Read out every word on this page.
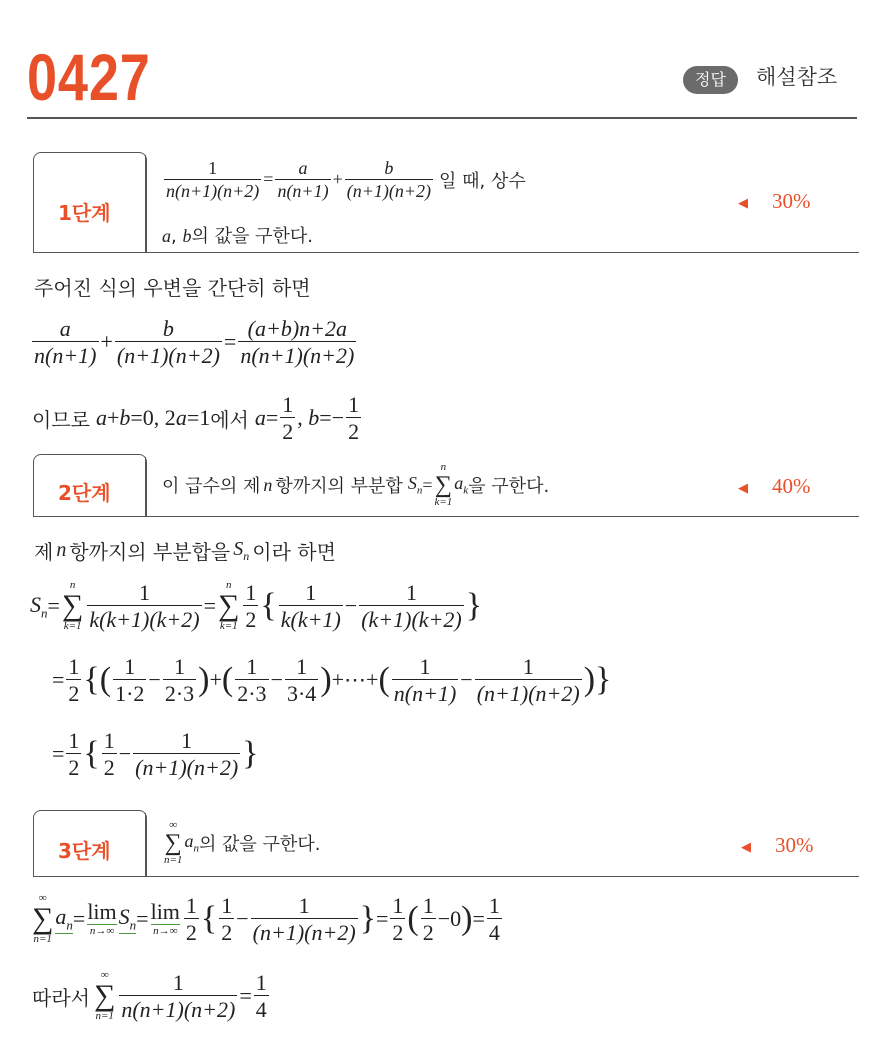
0427	정답	해설참조
1단계
$\frac{1}{n(n+1)(n+2)} = \frac{a}{n(n+1)} + \frac{b}{(n+1)(n+2)}$ 일 때, 상수
a, b의 값을 구한다.
◀ 30%
주어진 식의 우변을 간단히 하면
$\frac{a}{n(n+1)} + \frac{b}{(n+1)(n+2)} = \frac{(a+b)n+2a}{n(n+1)(n+2)}$
이므로 a + b =0, 2 a =1 에서 $a = \frac{1}{2}$ , $b =- \frac{1}{2}$
2단계	이 급수의 제 n 항까지의 부분합 $S_n$ =
n
∑
k=1
$a_k$ 을 구한다.	◀ 40%
제 n 항까지의 부분합을 $S_n$ 이라 하면
$S_n$ =
n
∑
$k=1 \frac{1}{k(k+1)(k+2)}$ =
n
∑
$k=1 \frac{1}{2}$ { $\frac{1}{k(k+1)} - \frac{1}{(k+1)(k+2)}$ }
= $\frac{1}{2}$ {( $\frac{1}{1\cdot 2} - \frac{1}{2\cdot 3}$ ) + ( $\frac{1}{2\cdot 3} - \frac{1}{3\cdot 4}$ ) +⋯+ ( $\frac{1}{n(n+1)} - \frac{1}{(n+1)(n+2)}$ )}
= $\frac{1}{2}$ { $\frac{1}{2} - \frac{1}{(n+1)(n+2)}$ }
3단계
∞
∑
n=1
$a_n$ 의 값을 구한다.	◀ 30%
∞
∑
n=1
$a_n = \lim$
n→∞
$S_n = \lim$
$n\to\infty \frac{1}{2}$ { $\frac{1}{2} - \frac{1}{(n+1)(n+2)}$ } = $\frac{1}{2}$ ( $\frac{1}{2} -0$ ) = $\frac{1}{4}$
따라서
∞
∑
$n=1 \frac{1}{n(n+1)(n+2)} = \frac{1}{4}$
